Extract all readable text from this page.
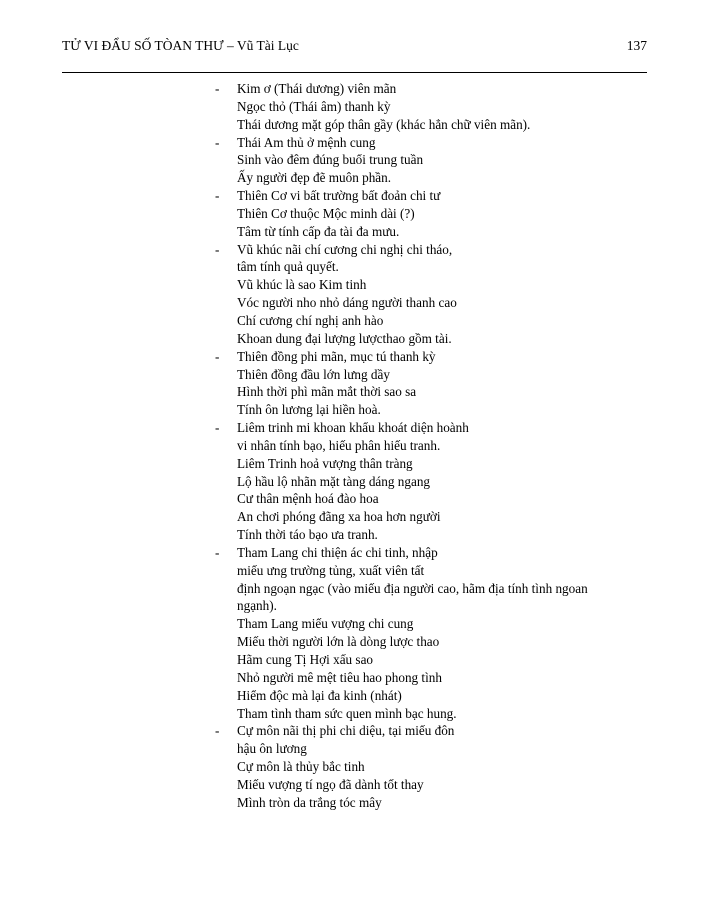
TỬ VI ĐẨU SỐ TÒAN THƯ – Vũ Tài Lục	137
-	Kim ơ (Thái dương) viên mãn
Ngọc thỏ (Thái âm) thanh kỳ
Thái dương mặt góp thân gầy (khác hẳn chữ viên mãn).
-	Thái Am thủ ở mệnh cung
Sinh vào đêm đúng buổi trung tuần
Ấy người đẹp đẽ muôn phần.
-	Thiên Cơ vi bất trường bất đoản chi tư
Thiên Cơ thuộc Mộc minh dài (?)
Tâm từ tính cấp đa tài đa mưu.
-	Vũ khúc nãi chí cương chi nghị chi tháo,
tâm tính quả quyết.
Vũ khúc là sao Kim tinh
Vóc người nho nhỏ dáng người thanh cao
Chí cương chí nghị anh hào
Khoan dung đại lượng lượcthao gồm tài.
-	Thiên đồng phi mãn, mục tú thanh kỳ
Thiên đồng đầu lớn lưng dầy
Hình thời phì mãn mắt thời sao sa
Tính ôn lương lại hiền hoà.
-	Liêm trinh mi khoan khẩu khoát diện hoành
vi nhân tính bạo, hiếu phân hiếu tranh.
Liêm Trinh hoả vượng thân tràng
Lộ hầu lộ nhãn mặt tàng dáng ngang
Cư thân mệnh hoá đào hoa
An chơi phóng đãng xa hoa hơn người
Tính thời táo bạo ưa tranh.
-	Tham Lang chi thiện ác chi tinh, nhập
miếu ưng trường tủng, xuất viên tất
định ngoạn ngạc (vào miếu địa người cao, hãm địa tính tình ngoan
ngạnh).
Tham Lang miếu vượng chi cung
Miếu thời người lớn là dòng lược thao
Hãm cung Tị Hợi xấu sao
Nhỏ người mê mệt tiêu hao phong tình
Hiểm độc mà lại đa kinh (nhát)
Tham tình tham sức quen mình bạc hung.
-	Cự môn nãi thị phi chi diệu, tại miếu đôn
hậu ôn lương
Cự môn là thủy bắc tinh
Miếu vượng tí ngọ đã dành tốt thay
Mình tròn da trắng tóc mây
